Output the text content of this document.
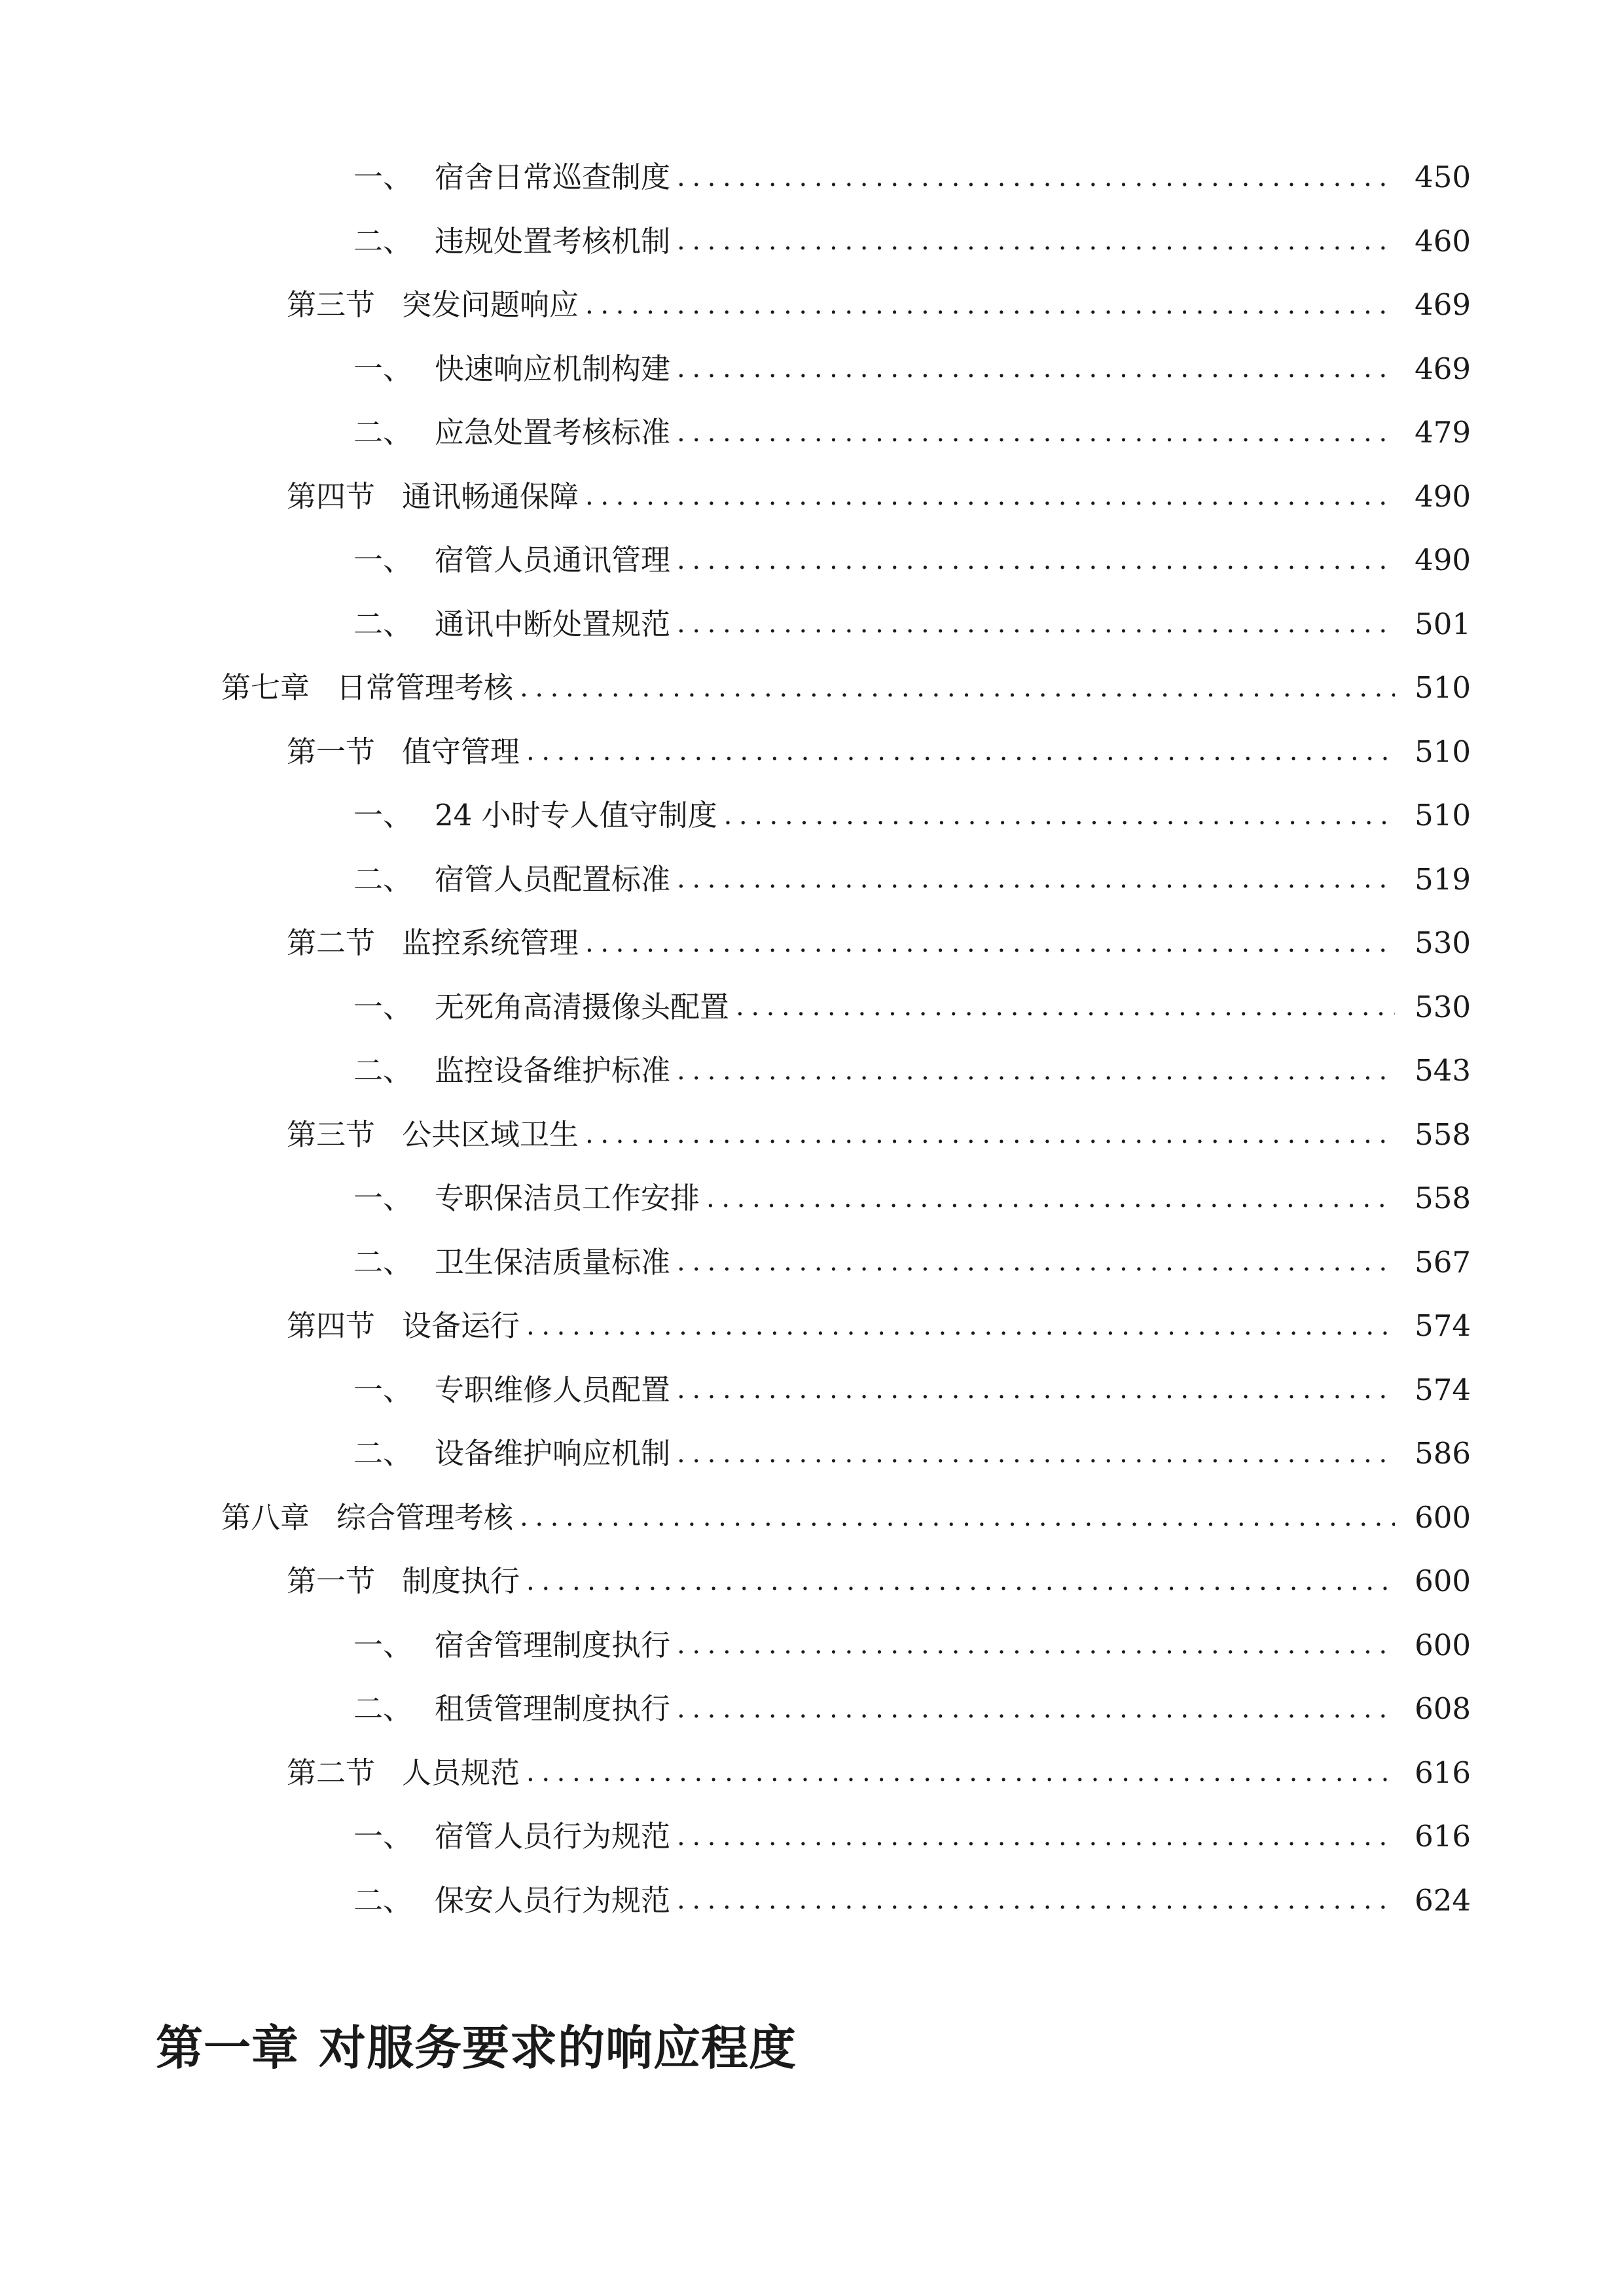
一、 宿舍日常巡查制度 .....	450
二、 违规处置考核机制 .....	460
第三节 突发问题响应 .....	469
一、 快速响应机制构建 .....	469
二、 应急处置考核标准 .....	479
第四节 通讯畅通保障 .....	490
一、 宿管人员通讯管理 .....	490
二、 通讯中断处置规范 .....	501
第七章 日常管理考核 .....	510
第一节 值守管理 .....	510
一、 24 小时专人值守制度 .....	510
二、 宿管人员配置标准 .....	519
第二节 监控系统管理 .....	530
一、 无死角高清摄像头配置 .....	530
二、 监控设备维护标准 .....	543
第三节 公共区域卫生 .....	558
一、 专职保洁员工作安排 .....	558
二、 卫生保洁质量标准 .....	567
第四节 设备运行 .....	574
一、 专职维修人员配置 .....	574
二、 设备维护响应机制 .....	586
第八章 综合管理考核 .....	600
第一节 制度执行 .....	600
一、 宿舍管理制度执行 .....	600
二、 租赁管理制度执行 .....	608
第二节 人员规范 .....	616
一、 宿管人员行为规范 .....	616
二、 保安人员行为规范 .....	624
第一章 对服务要求的响应程度
